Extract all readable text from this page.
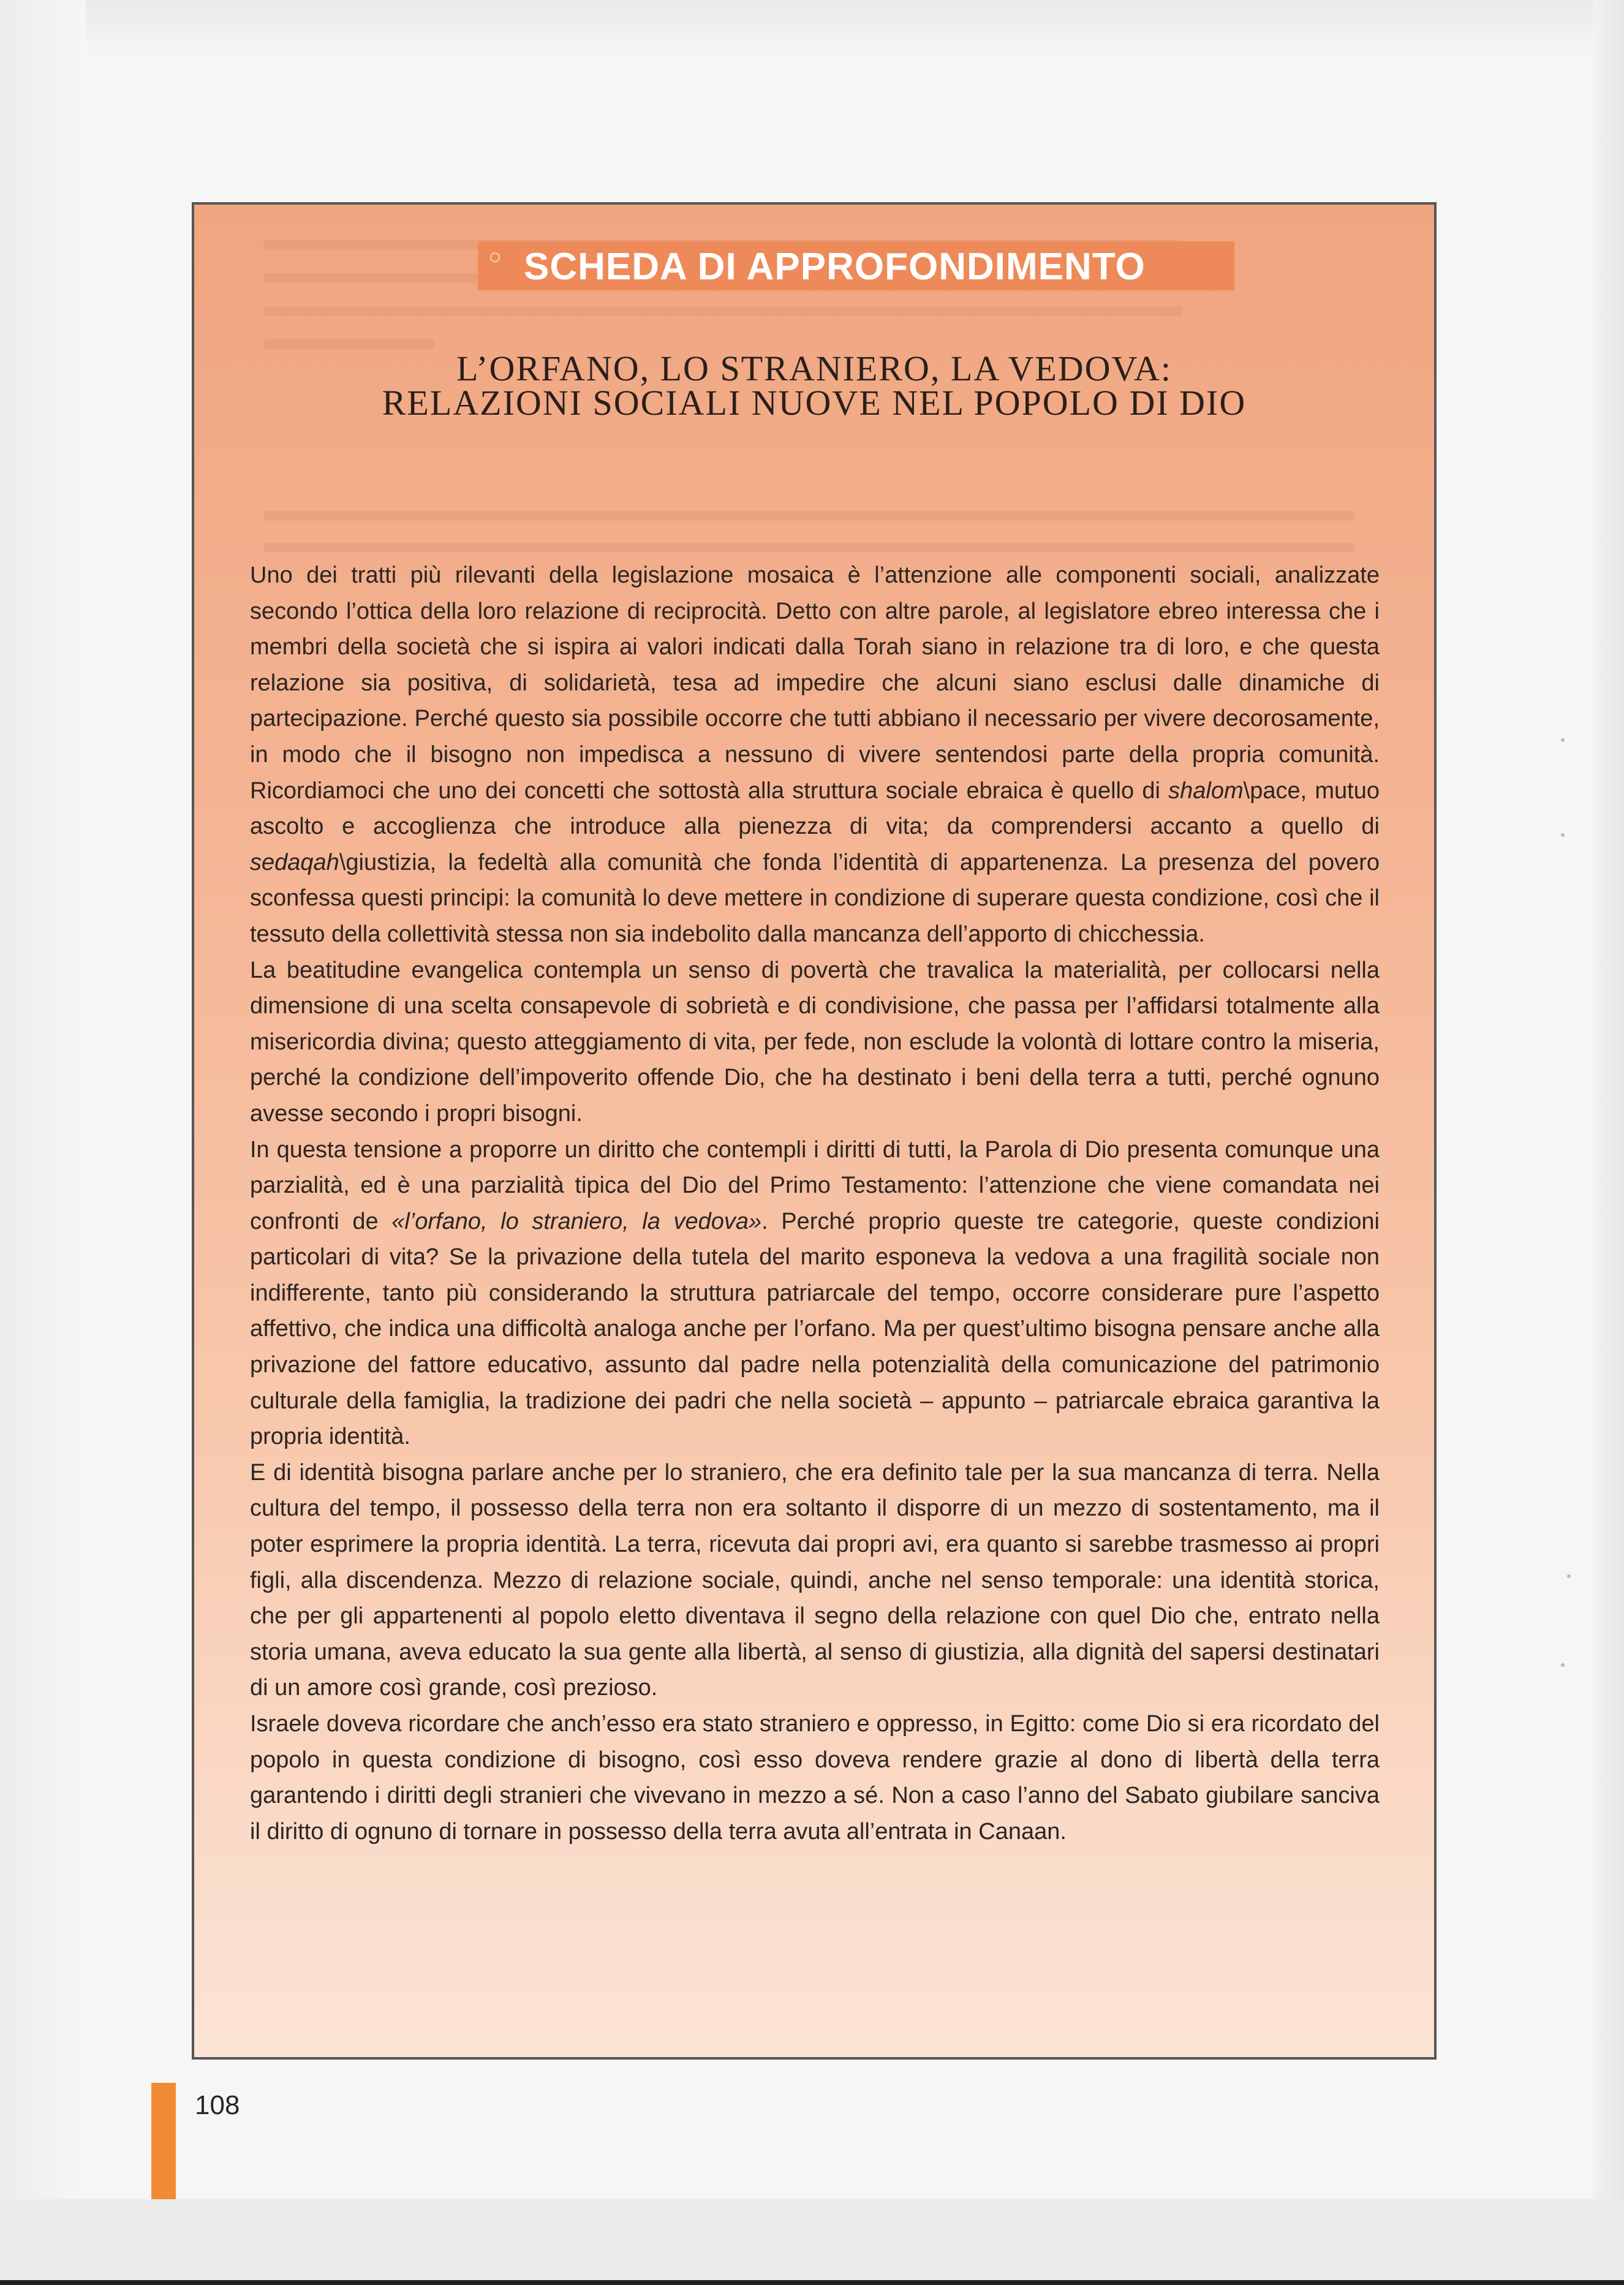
SCHEDA DI APPROFONDIMENTO
L’ORFANO, LO STRANIERO, LA VEDOVA:
RELAZIONI SOCIALI NUOVE NEL POPOLO DI DIO

Uno dei tratti più rilevanti della legislazione mosaica è l’attenzione alle componenti sociali, analizzate secondo l’ottica della loro relazione di reciprocità. Detto con altre parole, al legislatore ebreo interessa che i membri della società che si ispira ai valori indicati dalla Torah siano in relazione tra di loro, e che questa relazione sia positiva, di solidarietà, tesa ad impedire che alcuni siano esclusi dalle dinamiche di partecipazione. Perché questo sia possibile occorre che tutti abbiano il necessario per vivere decorosamente, in modo che il bisogno non impedisca a nessuno di vivere sentendosi parte della propria comunità. Ricordiamoci che uno dei concetti che sottostà alla struttura sociale ebraica è quello di shalom\pace, mutuo ascolto e accoglienza che introduce alla pienezza di vita; da comprendersi accanto a quello di sedaqah\giustizia, la fedeltà alla comunità che fonda l’identità di appartenenza. La presenza del povero sconfessa questi principi: la comunità lo deve mettere in condizione di superare questa condizione, così che il tessuto della collettività stessa non sia indebolito dalla mancanza dell’apporto di chicchessia.

La beatitudine evangelica contempla un senso di povertà che travalica la materialità, per collocarsi nella dimensione di una scelta consapevole di sobrietà e di condivisione, che passa per l’affidarsi totalmente alla misericordia divina; questo atteggiamento di vita, per fede, non esclude la volontà di lottare contro la miseria, perché la condizione dell’impoverito offende Dio, che ha destinato i beni della terra a tutti, perché ognuno avesse secondo i propri bisogni.

In questa tensione a proporre un diritto che contempli i diritti di tutti, la Parola di Dio presenta comunque una parzialità, ed è una parzialità tipica del Dio del Primo Testamento: l’attenzione che viene comandata nei confronti de «l’orfano, lo straniero, la vedova». Perché proprio queste tre categorie, queste condizioni particolari di vita? Se la privazione della tutela del marito esponeva la vedova a una fragilità sociale non indifferente, tanto più considerando la struttura patriarcale del tempo, occorre considerare pure l’aspetto affettivo, che indica una difficoltà analoga anche per l’orfano. Ma per quest’ultimo bisogna pensare anche alla privazione del fattore educativo, assunto dal padre nella potenzialità della comunicazione del patrimonio culturale della famiglia, la tradizione dei padri che nella società – appunto – patriarcale ebraica garantiva la propria identità.

E di identità bisogna parlare anche per lo straniero, che era definito tale per la sua mancanza di terra. Nella cultura del tempo, il possesso della terra non era soltanto il disporre di un mezzo di sostentamento, ma il poter esprimere la propria identità. La terra, ricevuta dai propri avi, era quanto si sarebbe trasmesso ai propri figli, alla discendenza. Mezzo di relazione sociale, quindi, anche nel senso temporale: una identità storica, che per gli appartenenti al popolo eletto diventava il segno della relazione con quel Dio che, entrato nella storia umana, aveva educato la sua gente alla libertà, al senso di giustizia, alla dignità del sapersi destinatari di un amore così grande, così prezioso.

Israele doveva ricordare che anch’esso era stato straniero e oppresso, in Egitto: come Dio si era ricordato del popolo in questa condizione di bisogno, così esso doveva rendere grazie al dono di libertà della terra garantendo i diritti degli stranieri che vivevano in mezzo a sé. Non a caso l’anno del Sabato giubilare sanciva il diritto di ognuno di tornare in possesso della terra avuta all’entrata in Canaan.

108
